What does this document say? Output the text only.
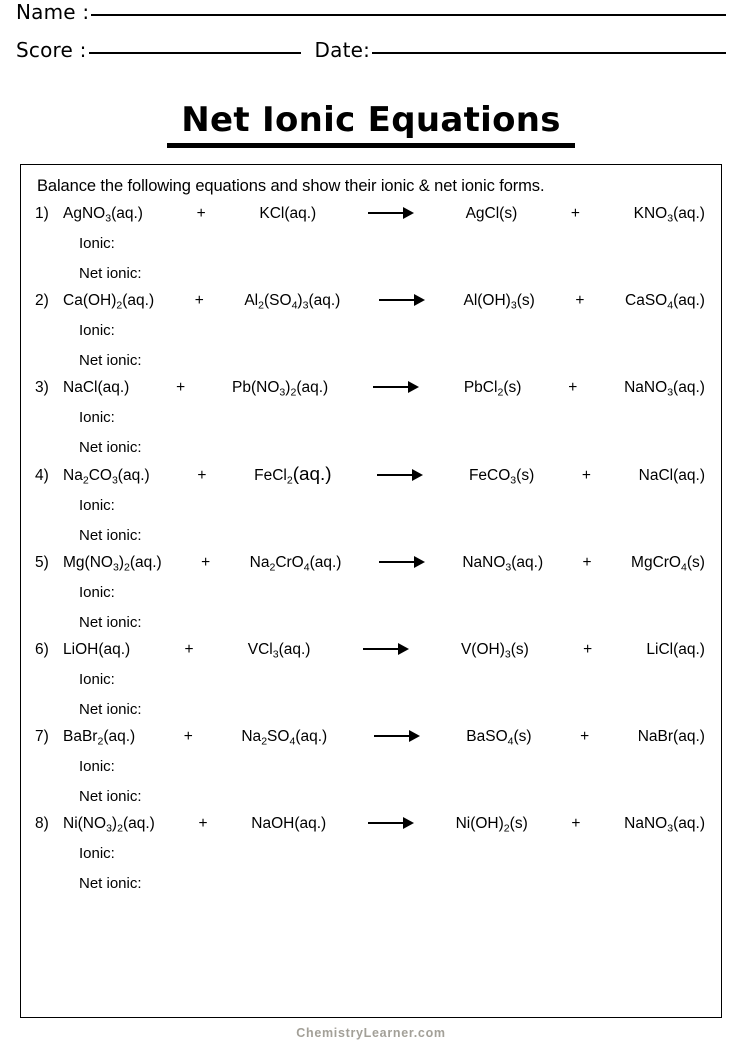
Name :
Score :	Date:
Net Ionic Equations
Balance the following equations and show their ionic & net ionic forms.
1) AgNO$_3$(aq.)	+	KCl(aq.)	AgCl(s)	+	$KNO_3(aq.)$
Ionic:
Net ionic:
2) $Ca(OH)_2(aq.)$	+	$Al_2(SO_4)_3(aq.)$	$Al(OH)_3(s)$	+	CaSO$_4$(aq.)
Ionic:
Net ionic:
3) NaCl(aq.)	+	$Pb(NO_3)_2(aq.)$	PbCl$_2$(s)	+	NaNO$_3$(aq.)
Ionic:
Net ionic:
4) $Na_2CO_3(aq.)$	+	FeCl$_2$(aq.)	FeCO$_3$(s)	+	NaCl(aq.)
Ionic:
Net ionic:
5) $Mg(NO_3)_2(aq.)$	+	$Na_2CrO_4(aq.)$	NaNO$_3$(aq.)	+	MgCrO$_4$(s)
Ionic:
Net ionic:
6) LiOH(aq.)	+	VCl$_3$(aq.)	$V(OH)_3(s)$	+	LiCl(aq.)
Ionic:
Net ionic:
7) BaBr$_2$(aq.)	+	$Na_2SO_4(aq.)$	BaSO$_4$(s)	+	NaBr(aq.)
Ionic:
Net ionic:
8) $Ni(NO_3)_2(aq.)$	+	NaOH(aq.)	$Ni(OH)_2(s)$	+	NaNO$_3$(aq.)
Ionic:
Net ionic:
ChemistryLearner.com
